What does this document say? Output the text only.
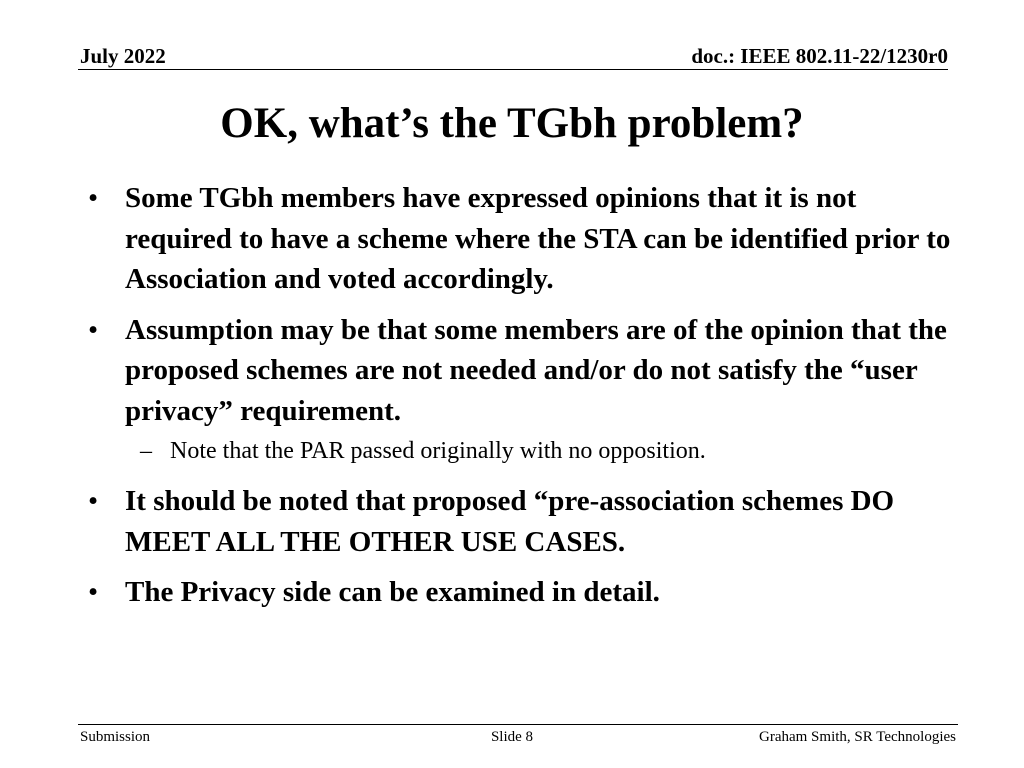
July 2022	doc.: IEEE 802.11-22/1230r0
OK, what’s the TGbh problem?
• Some TGbh members have expressed opinions that it is not required to have a scheme where the STA can be identified prior to Association and voted accordingly.
• Assumption may be that some members are of the opinion that the proposed schemes are not needed and/or do not satisfy the “user privacy” requirement.
– Note that the PAR passed originally with no opposition.
• It should be noted that proposed “pre-association schemes DO MEET ALL THE OTHER USE CASES.
• The Privacy side can be examined in detail.
Submission	Slide 8	Graham Smith, SR Technologies
